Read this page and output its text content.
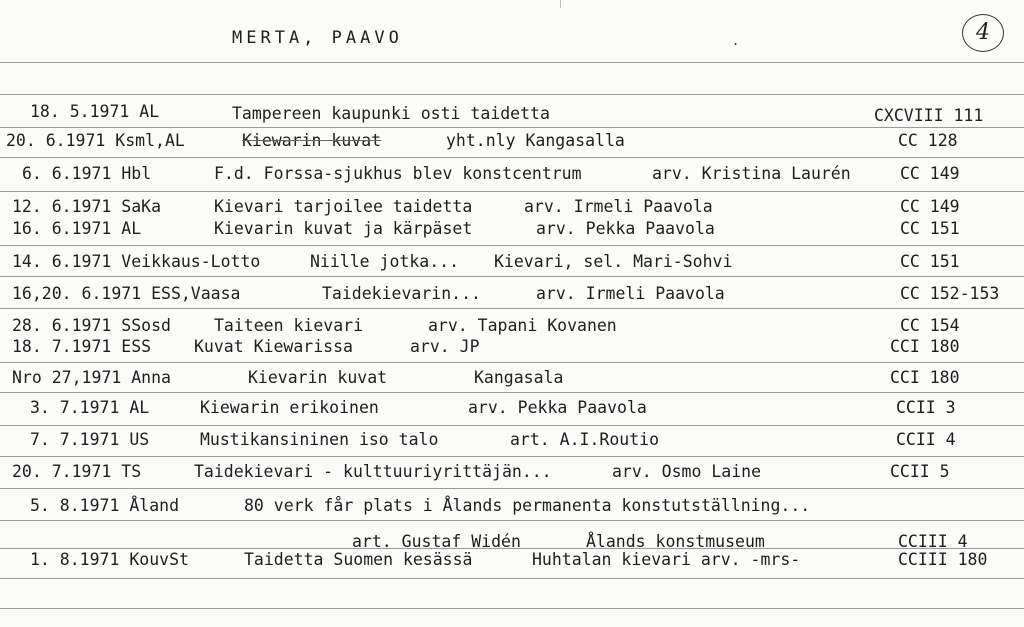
MERTA, PAAVO	.	4
18. 5.1971 AL	Tampereen kaupunki osti taidetta	CXCVIII 111
20. 6.1971 Ksml,AL	Kiewarin kuvat	yht.nly Kangasalla	CC 128
6. 6.1971 Hbl	F.d. Forssa-sjukhus blev konstcentrum	arv. Kristina Laurén	CC 149
12. 6.1971 SaKa	Kievari tarjoilee taidetta	arv. Irmeli Paavola	CC 149
16. 6.1971 AL	Kievarin kuvat ja kärpäset	arv. Pekka Paavola	CC 151
14. 6.1971 Veikkaus-Lotto	Niille jotka... Kievari, sel. Mari-Sohvi	CC 151
16,20. 6.1971 ESS,Vaasa	Taidekievarin...	arv. Irmeli Paavola	CC 152-153
28. 6.1971 SSosd	Taiteen kievari	arv. Tapani Kovanen	CC 154
18. 7.1971 ESS	Kuvat Kiewarissa	arv. JP	CCI 180
Nro 27,1971 Anna	Kievarin kuvat	Kangasala	CCI 180
3. 7.1971 AL	Kiewarin erikoinen	arv. Pekka Paavola	CCII 3
7. 7.1971 US	Mustikansininen iso talo	art. A.I.Routio	CCII 4
20. 7.1971 TS	Taidekievari - kulttuuriyrittäjän...	arv. Osmo Laine	CCII 5
5. 8.1971 Åland	80 verk får plats i Ålands permanenta konstutställning...
art. Gustaf Widén	Ålands konstmuseum	CCIII 4
1. 8.1971 KouvSt	Taidetta Suomen kesässä	Huhtalan kievari arv. -mrs-	CCIII 180
